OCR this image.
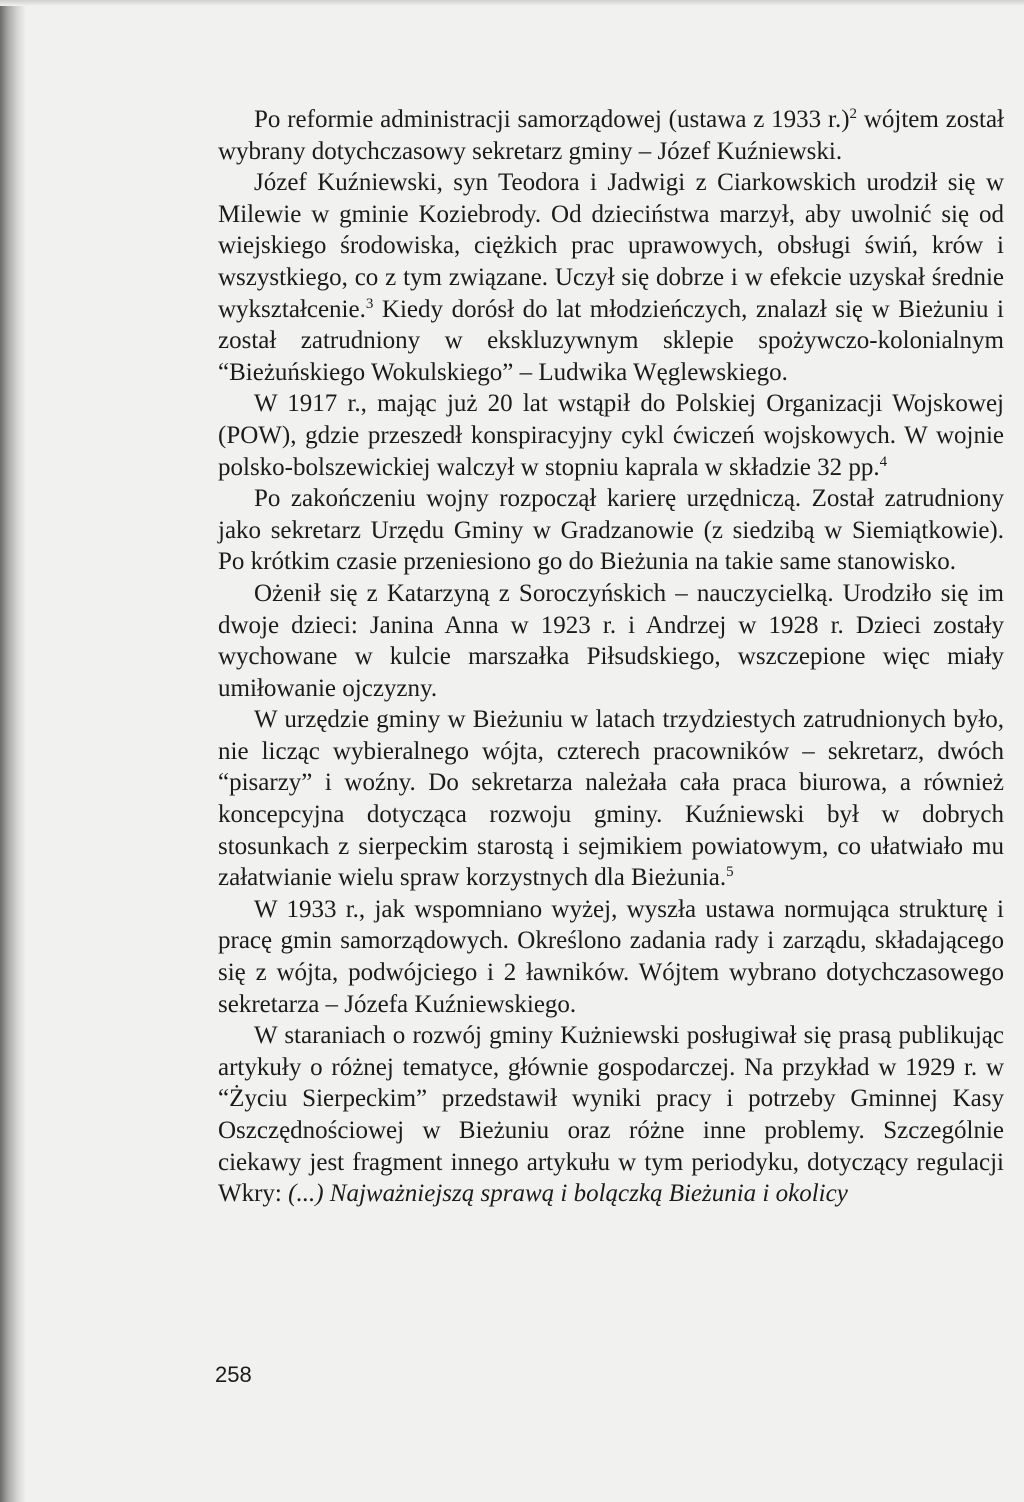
Po reformie administracji samorządowej (ustawa z 1933 r.)$^2$ wójtem został wybrany dotychczasowy sekretarz gminy – Józef Kuźniewski.

Józef Kuźniewski, syn Teodora i Jadwigi z Ciarkowskich urodził się w Milewie w gminie Koziebrody. Od dzieciństwa marzył, aby uwolnić się od wiejskiego środowiska, ciężkich prac uprawowych, obsługi świń, krów i wszystkiego, co z tym związane. Uczył się dobrze i w efekcie uzyskał średnie wykształcenie.$^3$ Kiedy dorósł do lat młodzieńczych, znalazł się w Bieżuniu i został zatrudniony w ekskluzywnym sklepie spożywczo-kolonialnym “Bieżuńskiego Wokulskiego” – Ludwika Węglewskiego.

W 1917 r., mając już 20 lat wstąpił do Polskiej Organizacji Wojskowej (POW), gdzie przeszedł konspiracyjny cykl ćwiczeń wojskowych. W wojnie polsko-bolszewickiej walczył w stopniu kaprala w składzie 32 pp.$^4$

Po zakończeniu wojny rozpoczął karierę urzędniczą. Został zatrudniony jako sekretarz Urzędu Gminy w Gradzanowie (z siedzibą w Siemiątkowie). Po krótkim czasie przeniesiono go do Bieżunia na takie same stanowisko.

Ożenił się z Katarzyną z Soroczyńskich – nauczycielką. Urodziło się im dwoje dzieci: Janina Anna w 1923 r. i Andrzej w 1928 r. Dzieci zostały wychowane w kulcie marszałka Piłsudskiego, wszczepione więc miały umiłowanie ojczyzny.

W urzędzie gminy w Bieżuniu w latach trzydziestych zatrudnionych było, nie licząc wybieralnego wójta, czterech pracowników – sekretarz, dwóch “pisarzy” i woźny. Do sekretarza należała cała praca biurowa, a również koncepcyjna dotycząca rozwoju gminy. Kuźniewski był w dobrych stosunkach z sierpeckim starostą i sejmikiem powiatowym, co ułatwiało mu załatwianie wielu spraw korzystnych dla Bieżunia.$^5$

W 1933 r., jak wspomniano wyżej, wyszła ustawa normująca strukturę i pracę gmin samorządowych. Określono zadania rady i zarządu, składającego się z wójta, podwójciego i 2 ławników. Wójtem wybrano dotychczasowego sekretarza – Józefa Kuźniewskiego.

W staraniach o rozwój gminy Kużniewski posługiwał się prasą publikując artykuły o różnej tematyce, głównie gospodarczej. Na przykład w 1929 r. w “Życiu Sierpeckim” przedstawił wyniki pracy i potrzeby Gminnej Kasy Oszczędnościowej w Bieżuniu oraz różne inne problemy. Szczególnie ciekawy jest fragment innego artykułu w tym periodyku, dotyczący regulacji Wkry: (...) Najważniejszą sprawą i bolączką Bieżunia i okolicy

258
